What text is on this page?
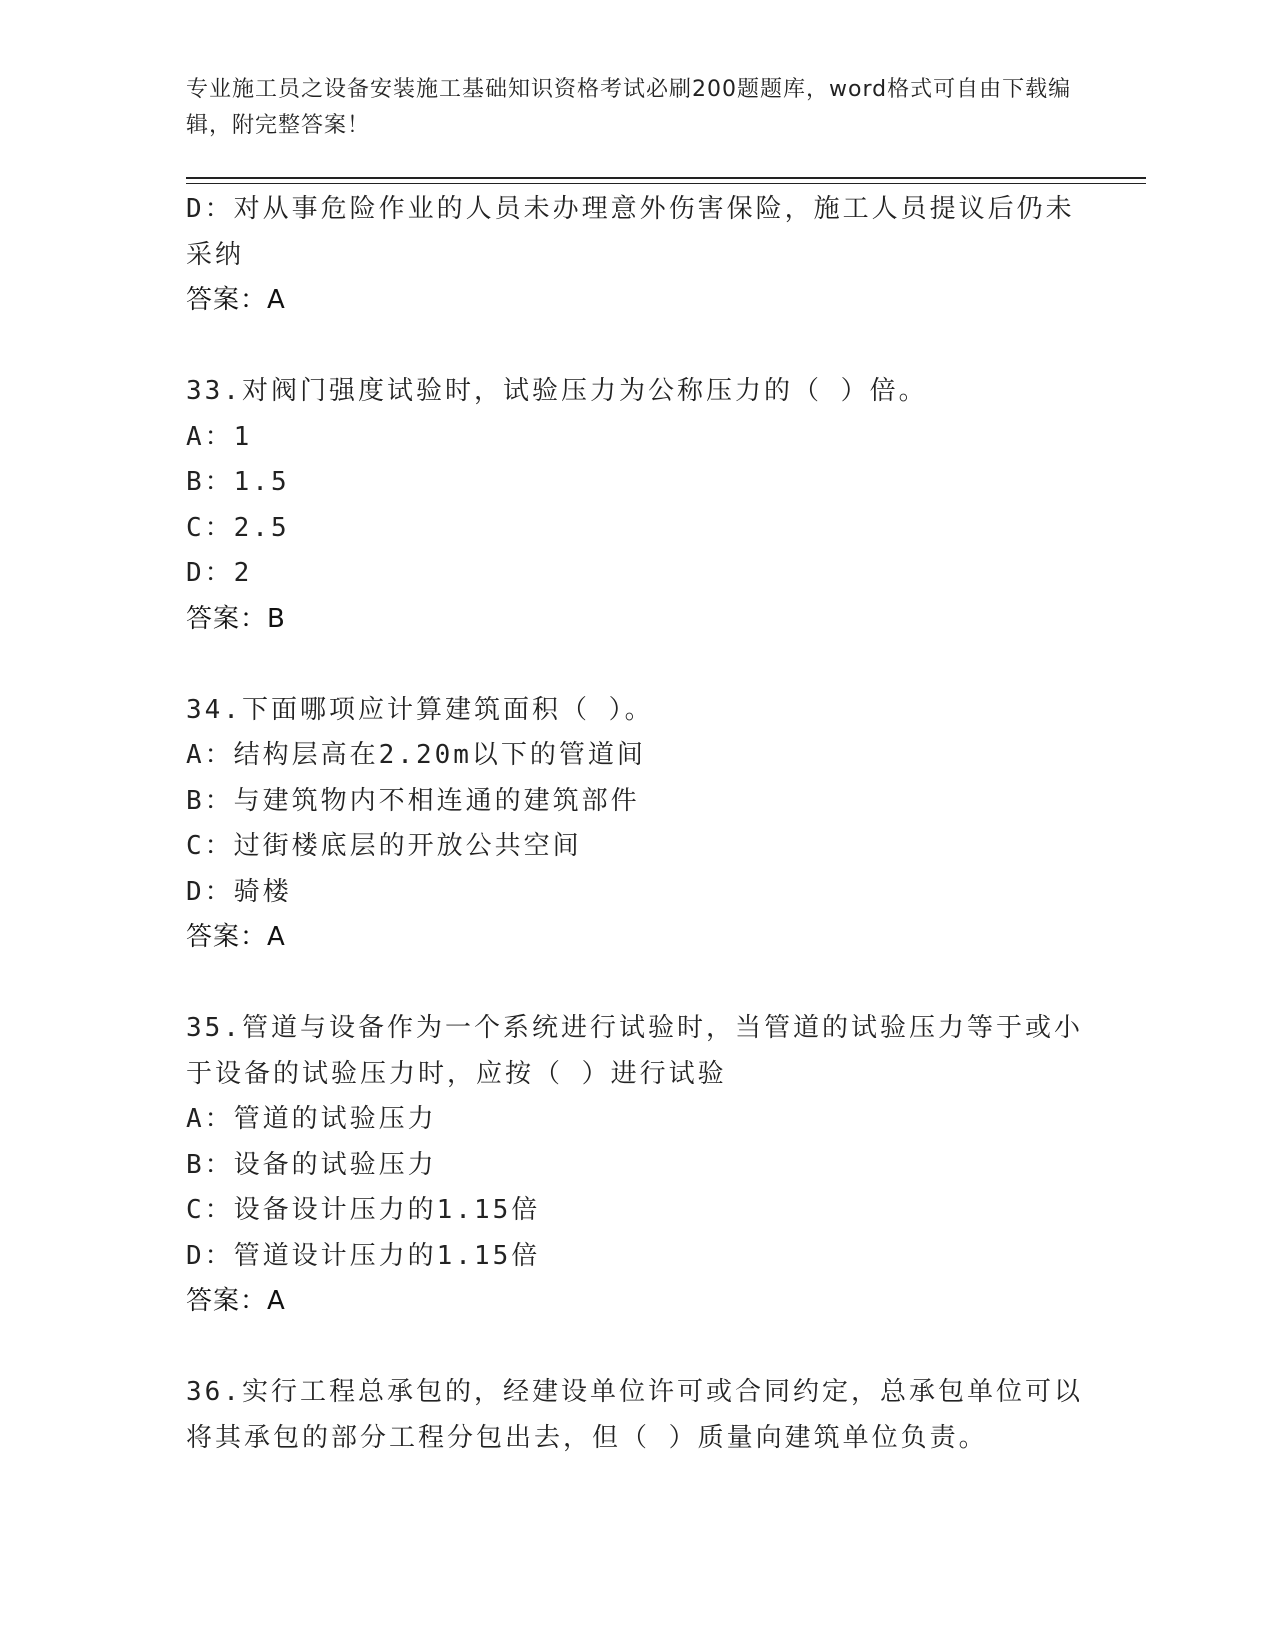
专业施工员之设备安装施工基础知识资格考试必刷200题题库，word格式可自由下载编辑，附完整答案！
D：对从事危险作业的人员未办理意外伤害保险，施工人员提议后仍未采纳
答案：A
33.对阀门强度试验时，试验压力为公称压力的（ ）倍。
A：1
B：1.5
C：2.5
D：2
答案：B
34.下面哪项应计算建筑面积（ ）。
A：结构层高在2.20m以下的管道间
B：与建筑物内不相连通的建筑部件
C：过街楼底层的开放公共空间
D：骑楼
答案：A
35.管道与设备作为一个系统进行试验时，当管道的试验压力等于或小于设备的试验压力时，应按（ ）进行试验
A：管道的试验压力
B：设备的试验压力
C：设备设计压力的1.15倍
D：管道设计压力的1.15倍
答案：A
36.实行工程总承包的，经建设单位许可或合同约定，总承包单位可以将其承包的部分工程分包出去，但（ ）质量向建筑单位负责。
